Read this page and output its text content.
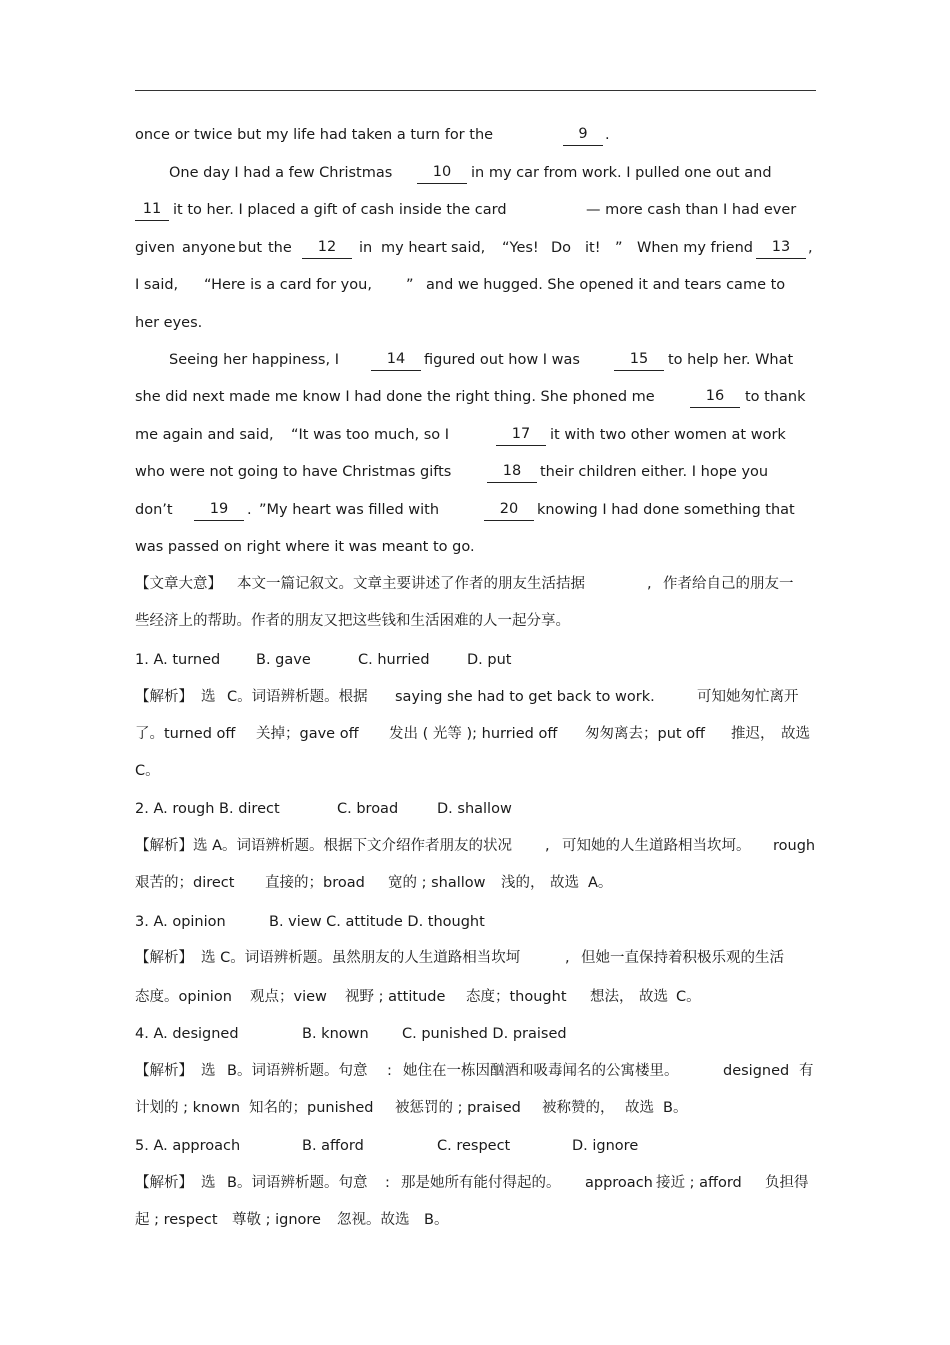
once or twice but my life had taken a turn for the	9	.
One day I had a few Christmas	10	in my car from work. I pulled one out and
11 it to her. I placed a gift of cash inside the card	— more cash than I had ever
given anyone but the	12	in my heart said, “Yes! Do it! ” When my friend	13	,
I said, “Here is a card for you, ” and we hugged. She opened it and tears came to
her eyes.
Seeing her happiness, I	14	figured out how I was	15	to help her. What
she did next made me know I had done the right thing. She phoned me	16	to thank
me again and said, “It was too much, so I	17	it with two other women at work
who were not going to have Christmas gifts	18	their children either. I hope you
don’t	19	. ”My heart was filled with	20	knowing I had done something that
was passed on right where it was meant to go.
【文章大意】 本文一篇记叙文。文章主要讲述了作者的朋友生活拮据	, 作者给自己的朋友一
些经济上的帮助。作者的朋友又把这些钱和生活困难的人一起分享。
1. A. turned B. gave	C. hurried	D. put
【解析】 选 C。词语辨析题。根据 saying she had to get back to work.	可知她匆忙离开
了。turned off 关掉；gave off 发出 ( 光等 ); hurried off 匆匆离去；put off 推迟， 故选
C。
2. A. rough B. direct	C. broad	D. shallow
【解析】选 A。词语辨析题。根据下文介绍作者朋友的状况 , 可知她的人生道路相当坎坷。 rough
艰苦的；direct 直接的；broad 宽的 ; shallow 浅的， 故选 A。
3. A. opinion	B. view C. attitude D. thought
【解析】 选 C。词语辨析题。虽然朋友的人生道路相当坎坷	, 但她一直保持着积极乐观的生活
态度。opinion 观点；view 视野 ; attitude 态度；thought 想法， 故选 C。
4. A. designed	B. known C. punished D. praised
【解析】 选 B。词语辨析题。句意 : 她住在一栋因酗酒和吸毒闻名的公寓楼里。	designed 有
计划的 ; known 知名的；punished 被惩罚的 ; praised 被称赞的， 故选 B。
5. A. approach	B. afford	C. respect	D. ignore
【解析】 选 B。词语辨析题。句意 : 那是她所有能付得起的。 approach 接近 ; afford 负担得
起 ; respect 尊敬 ; ignore 忽视。故选 B。
